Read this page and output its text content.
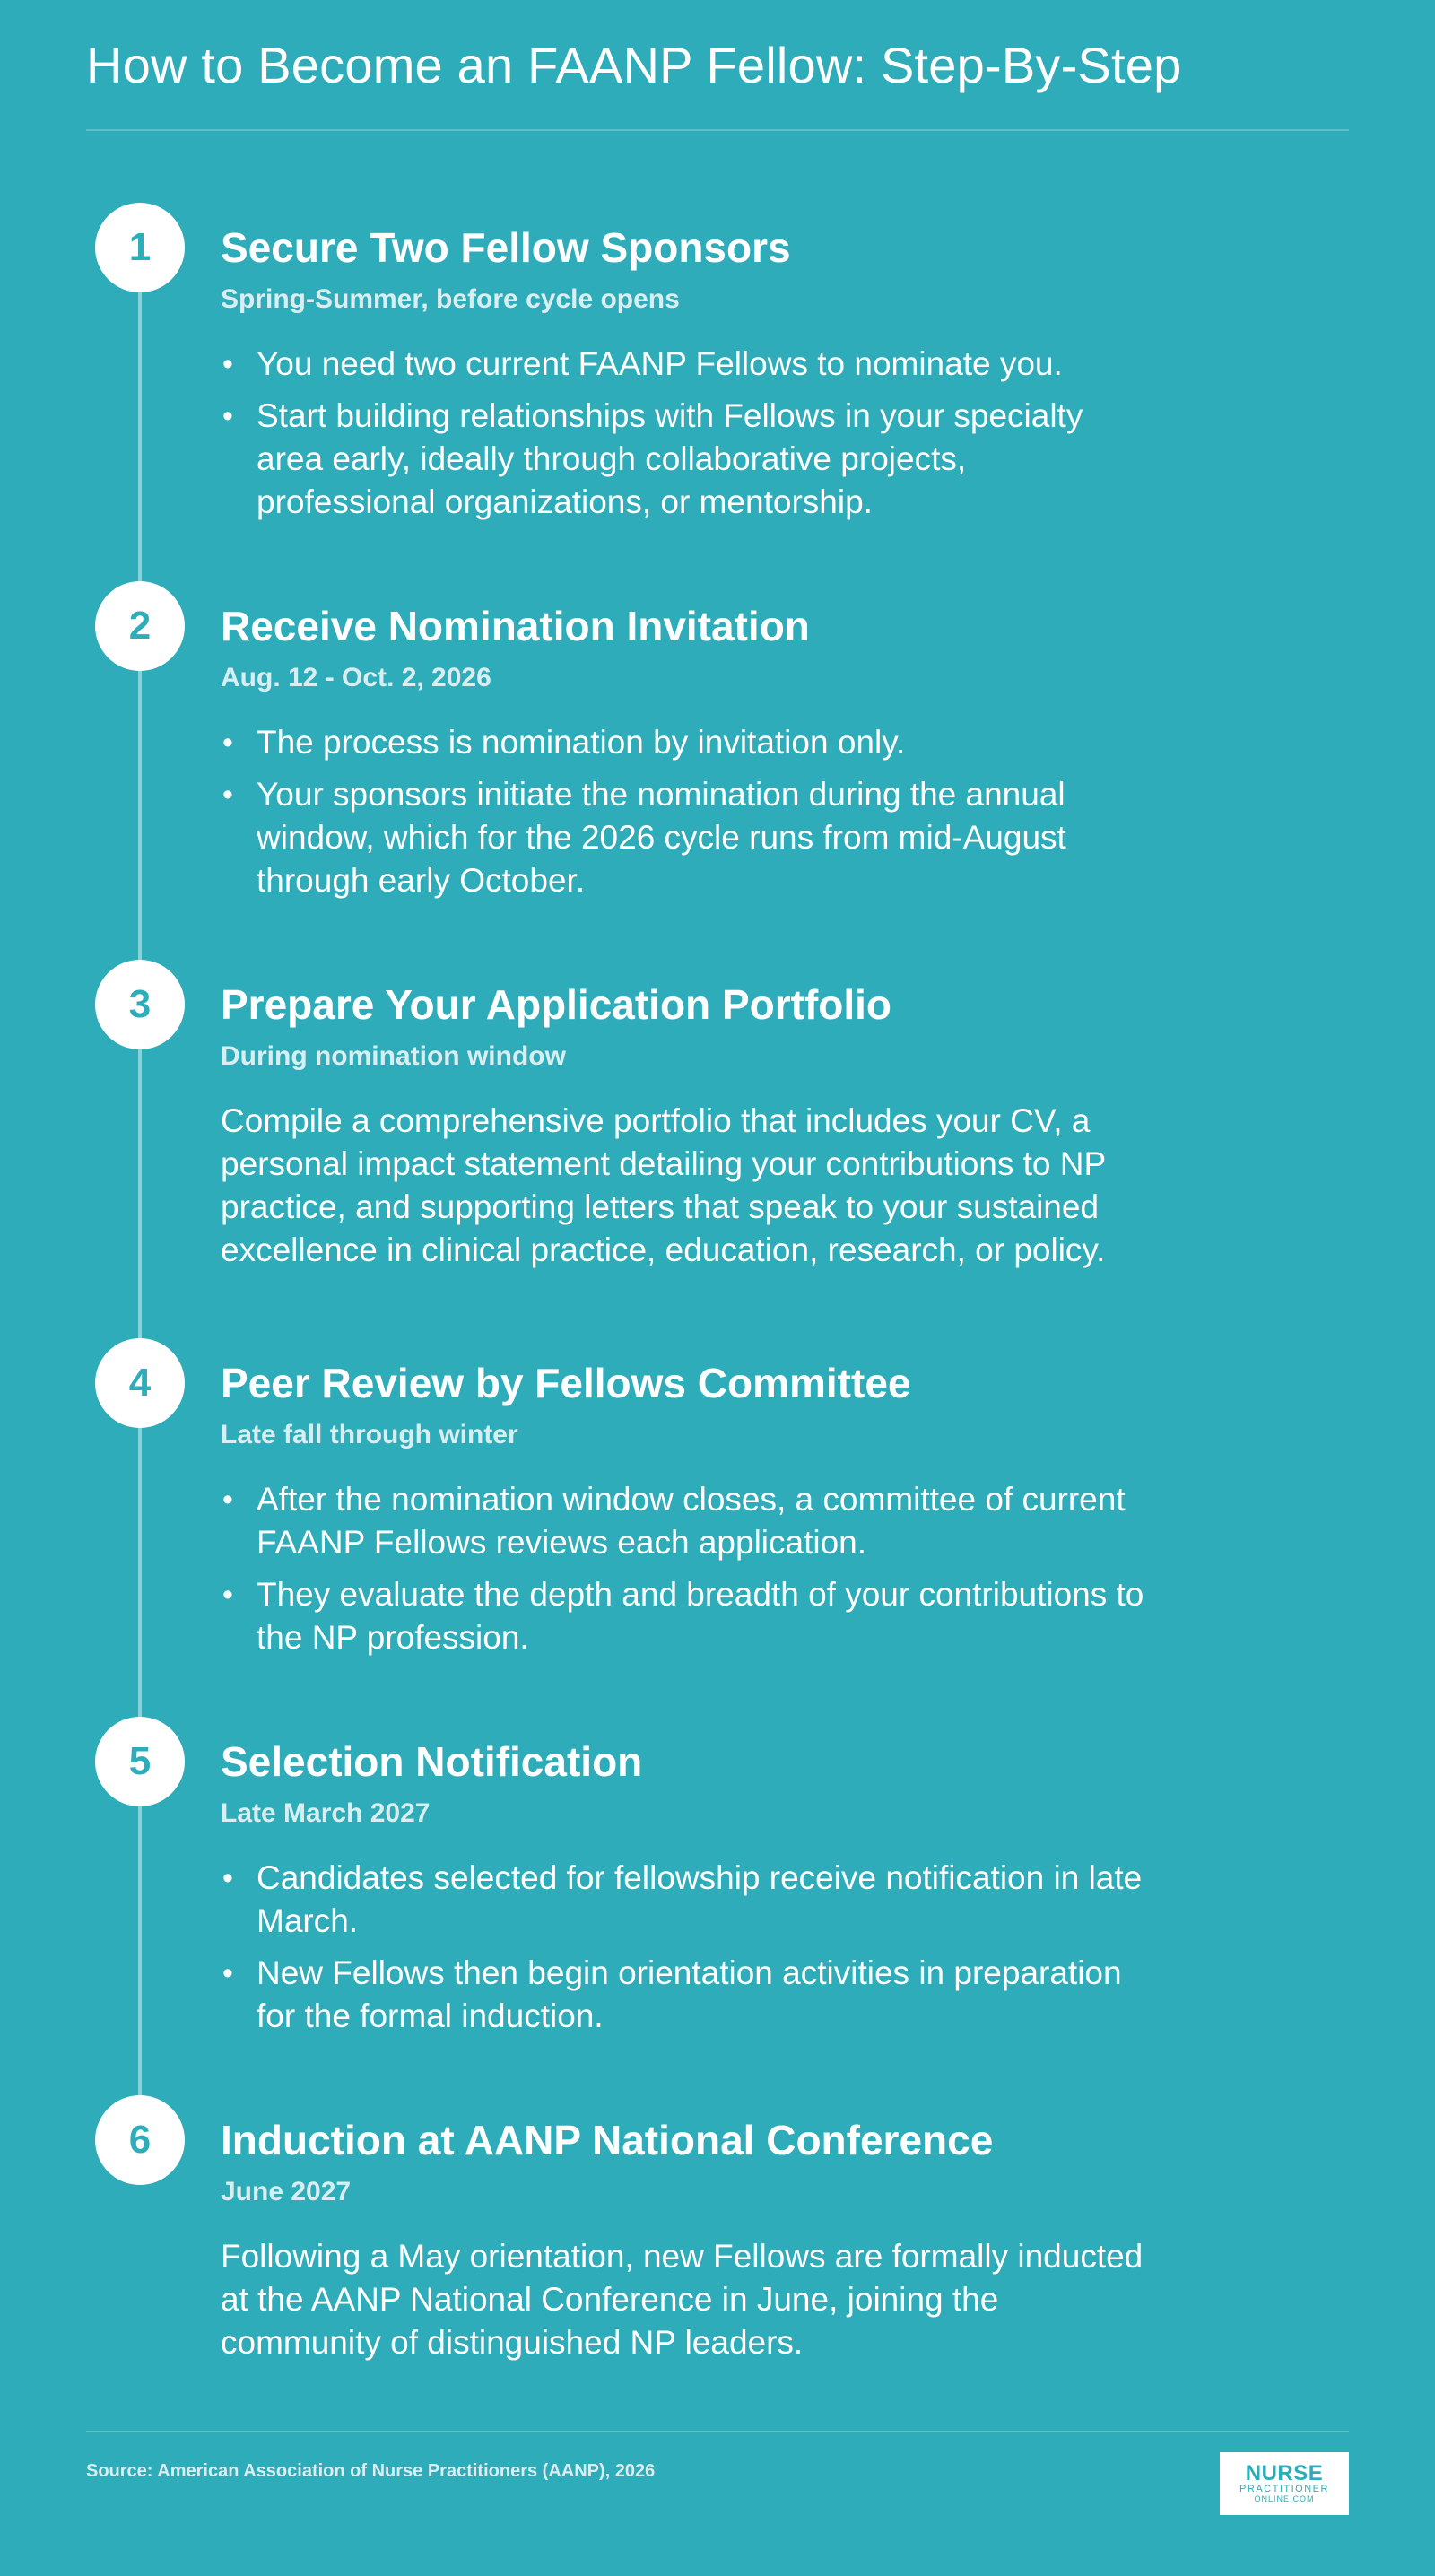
How to Become an FAANP Fellow: Step-By-Step
1	Secure Two Fellow Sponsors
Spring-Summer, before cycle opens
• You need two current FAANP Fellows to nominate you.
• Start building relationships with Fellows in your specialty area early, ideally through collaborative projects, professional organizations, or mentorship.
2	Receive Nomination Invitation
Aug. 12 - Oct. 2, 2026
• The process is nomination by invitation only.
• Your sponsors initiate the nomination during the annual window, which for the 2026 cycle runs from mid-August through early October.
3	Prepare Your Application Portfolio
During nomination window

Compile a comprehensive portfolio that includes your CV, a personal impact statement detailing your contributions to NP practice, and supporting letters that speak to your sustained excellence in clinical practice, education, research, or policy.

4	Peer Review by Fellows Committee
Late fall through winter
• After the nomination window closes, a committee of current FAANP Fellows reviews each application.
• They evaluate the depth and breadth of your contributions to the NP profession.
5	Selection Notification
Late March 2027
• Candidates selected for fellowship receive notification in late March.
• New Fellows then begin orientation activities in preparation for the formal induction.
6	Induction at AANP National Conference
June 2027

Following a May orientation, new Fellows are formally inducted at the AANP National Conference in June, joining the community of distinguished NP leaders.

Source: American Association of Nurse Practitioners (AANP), 2026	NURSE
PRACTITIONER
ONLINE.COM
